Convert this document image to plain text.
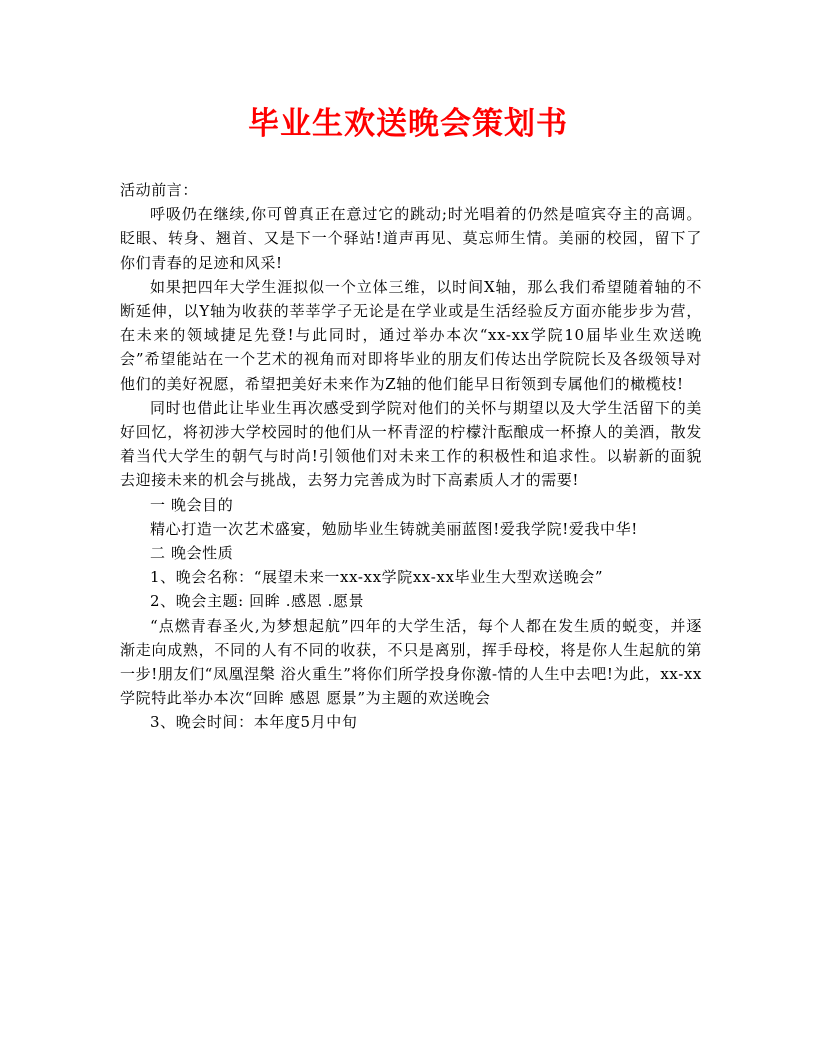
毕业生欢送晚会策划书

活动前言：

呼吸仍在继续,你可曾真正在意过它的跳动;时光唱着的仍然是喧宾夺主的高调。眨眼、转身、翘首、又是下一个驿站!道声再见、莫忘师生情。美丽的校园，留下了你们青春的足迹和风采!

如果把四年大学生涯拟似一个立体三维，以时间X轴，那么我们希望随着轴的不断延伸，以Y轴为收获的莘莘学子无论是在学业或是生活经验反方面亦能步步为营，在未来的领域捷足先登!与此同时，通过举办本次“xx-xx学院10届毕业生欢送晚会”希望能站在一个艺术的视角而对即将毕业的朋友们传达出学院院长及各级领导对他们的美好祝愿，希望把美好未来作为Z轴的他们能早日衔领到专属他们的橄榄枝!

同时也借此让毕业生再次感受到学院对他们的关怀与期望以及大学生活留下的美好回忆，将初涉大学校园时的他们从一杯青涩的柠檬汁酝酿成一杯撩人的美酒，散发着当代大学生的朝气与时尚!引领他们对未来工作的积极性和追求性。以崭新的面貌去迎接未来的机会与挑战，去努力完善成为时下高素质人才的需要!

一 晚会目的

精心打造一次艺术盛宴，勉励毕业生铸就美丽蓝图!爱我学院!爱我中华!

二 晚会性质

1、晚会名称：“展望未来一xx-xx学院xx-xx毕业生大型欢送晚会”

2、晚会主题: 回眸 .感恩 .愿景

“点燃青春圣火,为梦想起航”四年的大学生活，每个人都在发生质的蜕变，并逐渐走向成熟，不同的人有不同的收获，不只是离别，挥手母校，将是你人生起航的第一步!朋友们“凤凰涅槃 浴火重生”将你们所学投身你激-情的人生中去吧!为此，xx-xx学院特此举办本次“回眸 感恩 愿景”为主题的欢送晚会

3、晚会时间：本年度5月中旬
